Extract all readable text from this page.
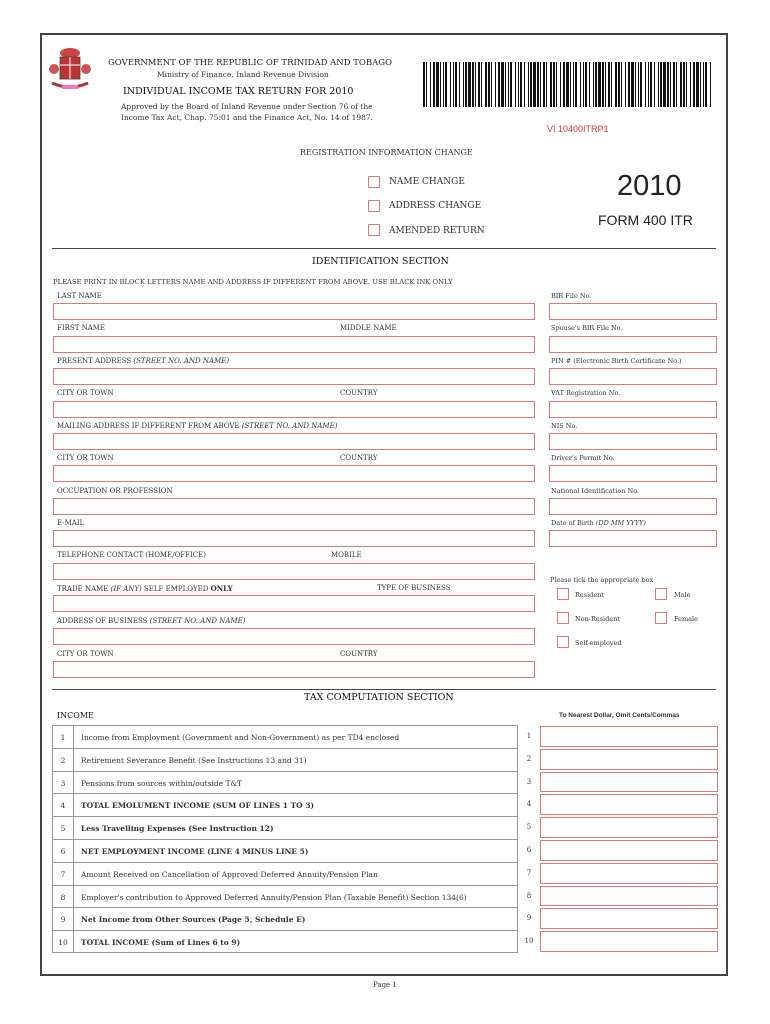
GOVERNMENT OF THE REPUBLIC OF TRINIDAD AND TOBAGO
Ministry of Finance, Inland Revenue Division
INDIVIDUAL INCOME TAX RETURN FOR 2010
Approved by the Board of Inland Revenue under Section 76 of the
Income Tax Act, Chap. 75:01 and the Finance Act, No. 14 of 1987.
VI 10400ITRP1
REGISTRATION INFORMATION CHANGE
NAME CHANGE
ADDRESS CHANGE
AMENDED RETURN
2010
FORM 400 ITR
IDENTIFICATION SECTION
PLEASE PRINT IN BLOCK LETTERS NAME AND ADDRESS IF DIFFERENT FROM ABOVE. USE BLACK INK ONLY
LAST NAME
FIRST NAME	MIDDLE NAME
PRESENT ADDRESS (STREET NO. AND NAME)
CITY OR TOWN	COUNTRY
MAILING ADDRESS IF DIFFERENT FROM ABOVE (STREET NO. AND NAME)
CITY OR TOWN	COUNTRY
OCCUPATION OR PROFESSION
E-MAIL
TELEPHONE CONTACT (HOME/OFFICE)	MOBILE
TRADE NAME (IF ANY) SELF EMPLOYED ONLY	TYPE OF BUSINESS
ADDRESS OF BUSINESS (STREET NO. AND NAME)
CITY OR TOWN	COUNTRY
BIR File No.
Spouse's BIR File No.
PIN # (Electronic Birth Certificate No.)
VAT Registration No.
NIS No.
Driver's Permit No.
National Identification No.
Date of Birth (DD MM YYYY)
Please tick the appropriate box
Resident	Male
Non-Resident	Female
Self-employed
TAX COMPUTATION SECTION
INCOME	To Nearest Dollar, Omit Cents/Commas
1	Income from Employment (Government and Non-Government) as per TD4 enclosed	1
2	Retirement Severance Benefit (See Instructions 13 and 31)	2
3	Pensions from sources within/outside T&T	3
4	TOTAL EMOLUMENT INCOME (SUM OF LINES 1 TO 3)	4
5	Less Travelling Expenses (See Instruction 12)	5
6	NET EMPLOYMENT INCOME (LINE 4 MINUS LINE 5)	6
7	Amount Received on Cancellation of Approved Deferred Annuity/Pension Plan	7
8	Employer's contribution to Approved Deferred Annuity/Pension Plan (Taxable Benefit) Section 134(6)	8
9	Net Income from Other Sources (Page 5, Schedule E)	9
10	TOTAL INCOME (Sum of Lines 6 to 9)	10
Page 1
